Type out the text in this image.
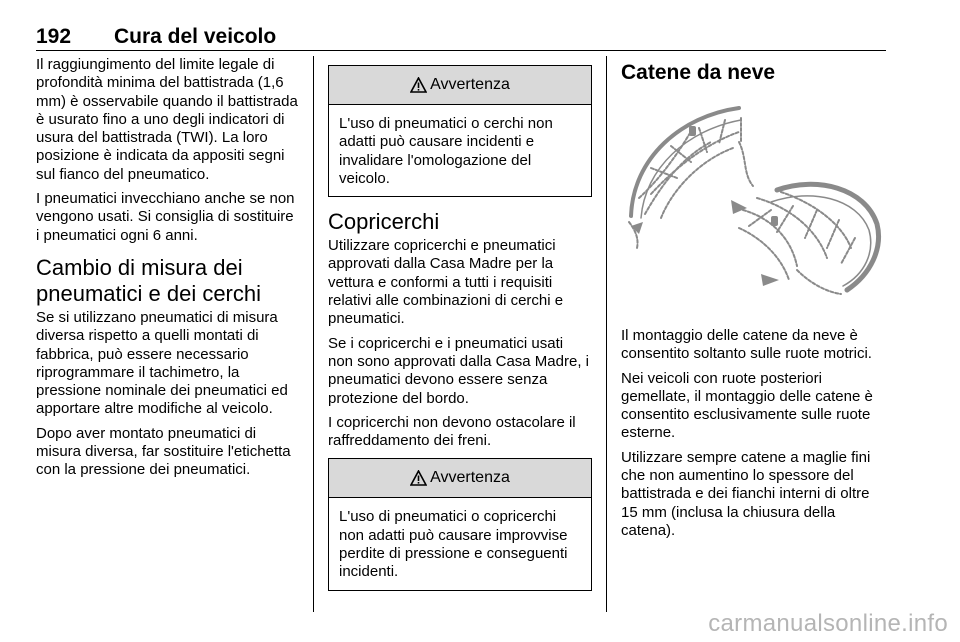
192 Cura del veicolo

Il raggiungimento del limite legale di profondità minima del battistrada (1,6 mm) è osservabile quando il battistrada è usurato fino a uno degli indicatori di usura del battistrada (TWI). La loro posizione è indicata da appositi segni sul fianco del pneumatico.

I pneumatici invecchiano anche se non vengono usati. Si consiglia di sostituire i pneumatici ogni 6 anni.

Cambio di misura dei pneumatici e dei cerchi

Se si utilizzano pneumatici di misura diversa rispetto a quelli montati di fabbrica, può essere necessario riprogrammare il tachimetro, la pressione nominale dei pneumatici ed apportare altre modifiche al veicolo.

Dopo aver montato pneumatici di misura diversa, far sostituire l'etichetta con la pressione dei pneumatici.

Avvertenza

L'uso di pneumatici o cerchi non adatti può causare incidenti e invalidare l'omologazione del veicolo.

Copricerchi

Utilizzare copricerchi e pneumatici approvati dalla Casa Madre per la vettura e conformi a tutti i requisiti relativi alle combinazioni di cerchi e pneumatici.

Se i copricerchi e i pneumatici usati non sono approvati dalla Casa Madre, i pneumatici devono essere senza protezione del bordo.

I copricerchi non devono ostacolare il raffreddamento dei freni.

Avvertenza

L'uso di pneumatici o copricerchi non adatti può causare improvvise perdite di pressione e conseguenti incidenti.

Catene da neve

Il montaggio delle catene da neve è consentito soltanto sulle ruote motrici.

Nei veicoli con ruote posteriori gemellate, il montaggio delle catene è consentito esclusivamente sulle ruote esterne.

Utilizzare sempre catene a maglie fini che non aumentino lo spessore del battistrada e dei fianchi interni di oltre 15 mm (inclusa la chiusura della catena).

carmanualsonline.info
